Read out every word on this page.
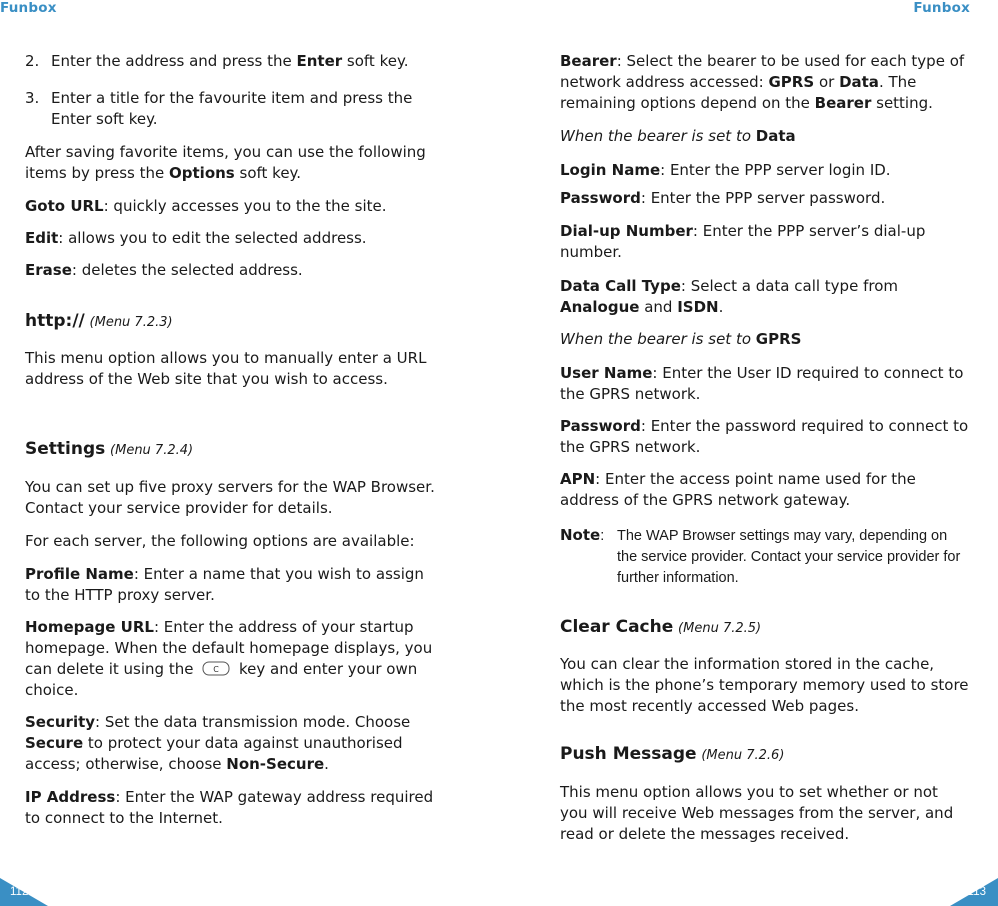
Funbox	Funbox

2. Enter the address and press the Enter soft key.

3. Enter a title for the favourite item and press the Enter soft key.

After saving favorite items, you can use the following items by press the Options soft key.

Goto URL: quickly accesses you to the the site.

Edit: allows you to edit the selected address.

Erase: deletes the selected address.

http:// (Menu 7.2.3)

This menu option allows you to manually enter a URL address of the Web site that you wish to access.

Settings (Menu 7.2.4)

You can set up five proxy servers for the WAP Browser. Contact your service provider for details.

For each server, the following options are available:

Profile Name: Enter a name that you wish to assign to the HTTP proxy server.

Homepage URL: Enter the address of your startup homepage. When the default homepage displays, you can delete it using the C key and enter your own choice.

Security: Set the data transmission mode. Choose Secure to protect your data against unauthorised access; otherwise, choose Non-Secure.

IP Address: Enter the WAP gateway address required to connect to the Internet.

Bearer: Select the bearer to be used for each type of network address accessed: GPRS or Data. The remaining options depend on the Bearer setting.

When the bearer is set to Data

Login Name: Enter the PPP server login ID.

Password: Enter the PPP server password.

Dial-up Number: Enter the PPP server’s dial-up number.

Data Call Type: Select a data call type from Analogue and ISDN.

When the bearer is set to GPRS

User Name: Enter the User ID required to connect to the GPRS network.

Password: Enter the password required to connect to the GPRS network.

APN: Enter the access point name used for the address of the GPRS network gateway.

Note: The WAP Browser settings may vary, depending on the service provider. Contact your service provider for further information.

Clear Cache (Menu 7.2.5)

You can clear the information stored in the cache, which is the phone’s temporary memory used to store the most recently accessed Web pages.

Push Message (Menu 7.2.6)

This menu option allows you to set whether or not you will receive Web messages from the server, and read or delete the messages received.

112	113
